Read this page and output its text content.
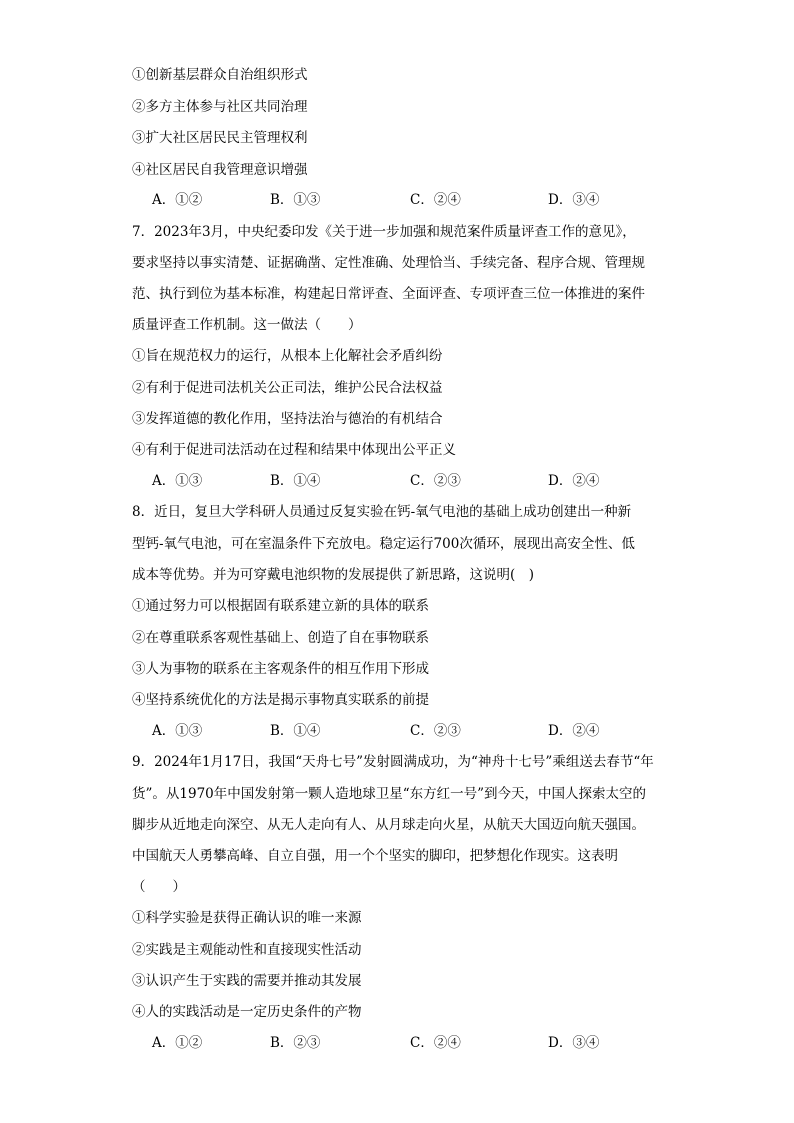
①创新基层群众自治组织形式
②多方主体参与社区共同治理
③扩大社区居民民主管理权利
④社区居民自我管理意识增强
A．①②	B．①③	C．②④	D．③④
7．2023年3月，中央纪委印发《关于进一步加强和规范案件质量评查工作的意见》，
要求坚持以事实清楚、证据确凿、定性准确、处理恰当、手续完备、程序合规、管理规
范、执行到位为基本标准，构建起日常评查、全面评查、专项评查三位一体推进的案件
质量评查工作机制。这一做法（　　）
①旨在规范权力的运行，从根本上化解社会矛盾纠纷
②有利于促进司法机关公正司法，维护公民合法权益
③发挥道德的教化作用，坚持法治与德治的有机结合
④有利于促进司法活动在过程和结果中体现出公平正义
A．①③	B．①④	C．②③	D．②④
8．近日，复旦大学科研人员通过反复实验在钙-氧气电池的基础上成功创建出一种新
型钙-氧气电池，可在室温条件下充放电。稳定运行700次循环，展现出高安全性、低
成本等优势。并为可穿戴电池织物的发展提供了新思路，这说明(　)
①通过努力可以根据固有联系建立新的具体的联系
②在尊重联系客观性基础上、创造了自在事物联系
③人为事物的联系在主客观条件的相互作用下形成
④坚持系统优化的方法是揭示事物真实联系的前提
A．①③	B．①④	C．②③	D．②④
9．2024年1月17日，我国“天舟七号”发射圆满成功，为“神舟十七号”乘组送去春节“年
货”。从1970年中国发射第一颗人造地球卫星“东方红一号”到今天，中国人探索太空的
脚步从近地走向深空、从无人走向有人、从月球走向火星，从航天大国迈向航天强国。
中国航天人勇攀高峰、自立自强，用一个个坚实的脚印，把梦想化作现实。这表明
（　　）
①科学实验是获得正确认识的唯一来源
②实践是主观能动性和直接现实性活动
③认识产生于实践的需要并推动其发展
④人的实践活动是一定历史条件的产物
A．①②	B．②③	C．②④	D．③④
